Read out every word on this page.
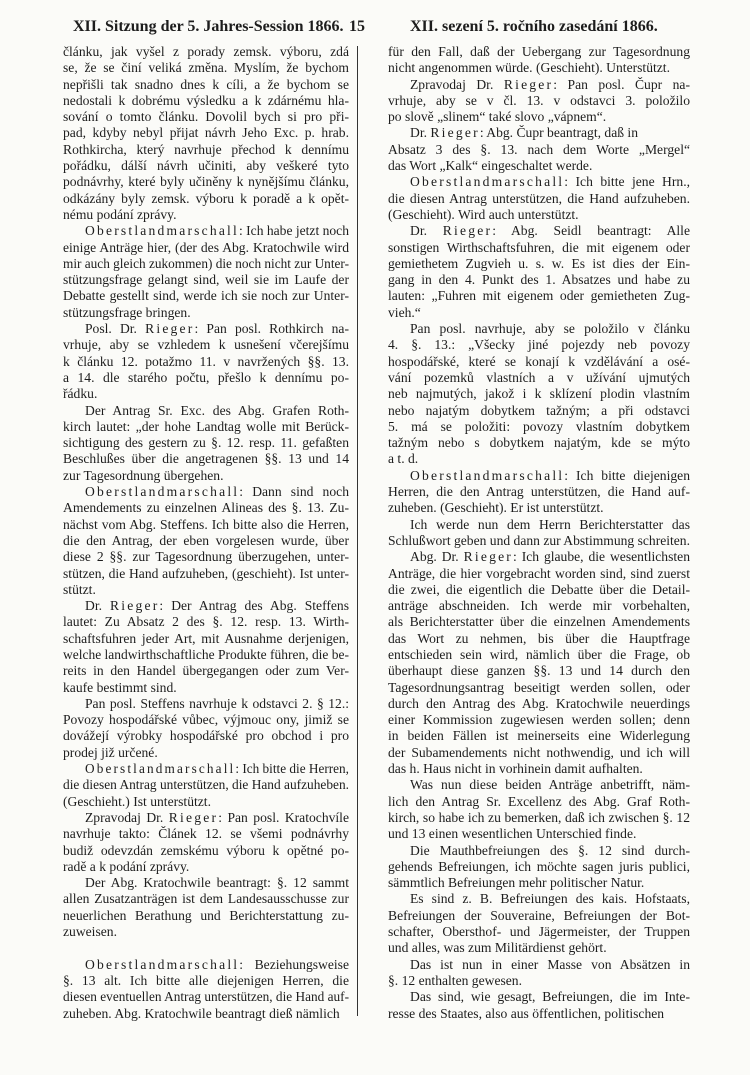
XII. Sitzung der 5. Jahres-Session 1866. 15	XII. sezení 5. ročního zasedání 1866.
článku, jak vyšel z porady zemsk. výboru, zdá
se, že se činí veliká změna. Myslím, že bychom
nepřišli tak snadno dnes k cíli, a že bychom se
nedostali k dobrému výsledku a k zdárnému hla-
sování o tomto článku. Dovolil bych si pro při-
pad, kdyby nebyl přijat návrh Jeho Exc. p. hrab.
Rothkircha, který navrhuje přechod k dennímu
pořádku, dálší návrh učiniti, aby veškeré tyto
podnávrhy, které byly učiněny k nynějšímu článku,
odkázány byly zemsk. výboru k poradě a k opět-
nému podání zprávy.
Oberstlandmarschall: Ich habe jetzt noch
einige Anträge hier, (der des Abg. Kratochwile wird
mir auch gleich zukommen) die noch nicht zur Unter-
stützungsfrage gelangt sind, weil sie im Laufe der
Debatte gestellt sind, werde ich sie noch zur Unter-
stützungsfrage bringen.
Posl. Dr. Rieger: Pan posl. Rothkirch na-
vrhuje, aby se vzhledem k usnešení včerejšímu
k článku 12. potažmo 11. v navržených §§. 13.
a 14. dle starého počtu, přešlo k dennímu po-
řádku.
Der Antrag Sr. Exc. des Abg. Grafen Roth-
kirch lautet: „der hohe Landtag wolle mit Berück-
sichtigung des gestern zu §. 12. resp. 11. gefaßten
Beschlußes über die angetragenen §§. 13 und 14
zur Tagesordnung übergehen.
Oberstlandmarschall: Dann sind noch
Amendements zu einzelnen Alineas des §. 13. Zu-
nächst vom Abg. Steffens. Ich bitte also die Herren,
die den Antrag, der eben vorgelesen wurde, über
diese 2 §§. zur Tagesordnung überzugehen, unter-
stützen, die Hand aufzuheben, (geschieht). Ist unter-
stützt.
Dr. Rieger: Der Antrag des Abg. Steffens
lautet: Zu Absatz 2 des §. 12. resp. 13. Wirth-
schaftsfuhren jeder Art, mit Ausnahme derjenigen,
welche landwirthschaftliche Produkte führen, die be-
reits in den Handel übergegangen oder zum Ver-
kaufe bestimmt sind.
Pan posl. Steffens navrhuje k odstavci 2. § 12.:
Povozy hospodářské vůbec, výjmouc ony, jimiž se
dovážejí výrobky hospodářské pro obchod i pro
prodej již určené.
Oberstlandmarschall: Ich bitte die Herren,
die diesen Antrag unterstützen, die Hand aufzuheben.
(Geschieht.) Ist unterstützt.
Zpravodaj Dr. Rieger: Pan posl. Kratochvíle
navrhuje takto: Článek 12. se všemi podnávrhy
budiž odevzdán zemskému výboru k opětné po-
radě a k podání zprávy.
Der Abg. Kratochwile beantragt: §. 12 sammt
allen Zusatzanträgen ist dem Landesausschusse zur
neuerlichen Berathung und Berichterstattung zu-
zuweisen.
Oberstlandmarschall: Beziehungsweise
§. 13 alt. Ich bitte alle diejenigen Herren, die
diesen eventuellen Antrag unterstützen, die Hand auf-
zuheben. Abg. Kratochwile beantragt dieß nämlich
für den Fall, daß der Uebergang zur Tagesordnung
nicht angenommen würde. (Geschieht). Unterstützt.
Zpravodaj Dr. Rieger: Pan posl. Čupr na-
vrhuje, aby se v čl. 13. v odstavci 3. položilo
po slově „slinem“ také slovo „vápnem“.
Dr. Rieger: Abg. Čupr beantragt, daß in
Absatz 3 des §. 13. nach dem Worte „Mergel“
das Wort „Kalk“ eingeschaltet werde.
Oberstlandmarschall: Ich bitte jene Hrn.,
die diesen Antrag unterstützen, die Hand aufzuheben.
(Geschieht). Wird auch unterstützt.
Dr. Rieger: Abg. Seidl beantragt: Alle
sonstigen Wirthschaftsfuhren, die mit eigenem oder
gemiethetem Zugvieh u. s. w. Es ist dies der Ein-
gang in den 4. Punkt des 1. Absatzes und habe zu
lauten: „Fuhren mit eigenem oder gemietheten Zug-
vieh.“
Pan posl. navrhuje, aby se položilo v článku
4. §. 13.: „Všecky jiné pojezdy neb povozy
hospodářské, které se konají k vzdělávání a osé-
vání pozemků vlastních a v užívání ujmutých
neb najmutých, jakož i k sklízení plodin vlastním
nebo najatým dobytkem tažným; a při odstavci
5. má se položiti: povozy vlastním dobytkem
tažným nebo s dobytkem najatým, kde se mýto
a t. d.
Oberstlandmarschall: Ich bitte diejenigen
Herren, die den Antrag unterstützen, die Hand auf-
zuheben. (Geschieht). Er ist unterstützt.
Ich werde nun dem Herrn Berichterstatter das
Schlußwort geben und dann zur Abstimmung schreiten.
Abg. Dr. Rieger: Ich glaube, die wesentlichsten
Anträge, die hier vorgebracht worden sind, sind zuerst
die zwei, die eigentlich die Debatte über die Detail-
anträge abschneiden. Ich werde mir vorbehalten,
als Berichterstatter über die einzelnen Amendements
das Wort zu nehmen, bis über die Hauptfrage
entschieden sein wird, nämlich über die Frage, ob
überhaupt diese ganzen §§. 13 und 14 durch den
Tagesordnungsantrag beseitigt werden sollen, oder
durch den Antrag des Abg. Kratochwile neuerdings
einer Kommission zugewiesen werden sollen; denn
in beiden Fällen ist meinerseits eine Widerlegung
der Subamendements nicht nothwendig, und ich will
das h. Haus nicht in vorhinein damit aufhalten.
Was nun diese beiden Anträge anbetrifft, näm-
lich den Antrag Sr. Excellenz des Abg. Graf Roth-
kirch, so habe ich zu bemerken, daß ich zwischen §. 12
und 13 einen wesentlichen Unterschied finde.
Die Mauthbefreiungen des §. 12 sind durch-
gehends Befreiungen, ich möchte sagen juris publici,
sämmtlich Befreiungen mehr politischer Natur.
Es sind z. B. Befreiungen des kais. Hofstaats,
Befreiungen der Souveraine, Befreiungen der Bot-
schafter, Obersthof- und Jägermeister, der Truppen
und alles, was zum Militärdienst gehört.
Das ist nun in einer Masse von Absätzen in
§. 12 enthalten gewesen.
Das sind, wie gesagt, Befreiungen, die im Inte-
resse des Staates, also aus öffentlichen, politischen
